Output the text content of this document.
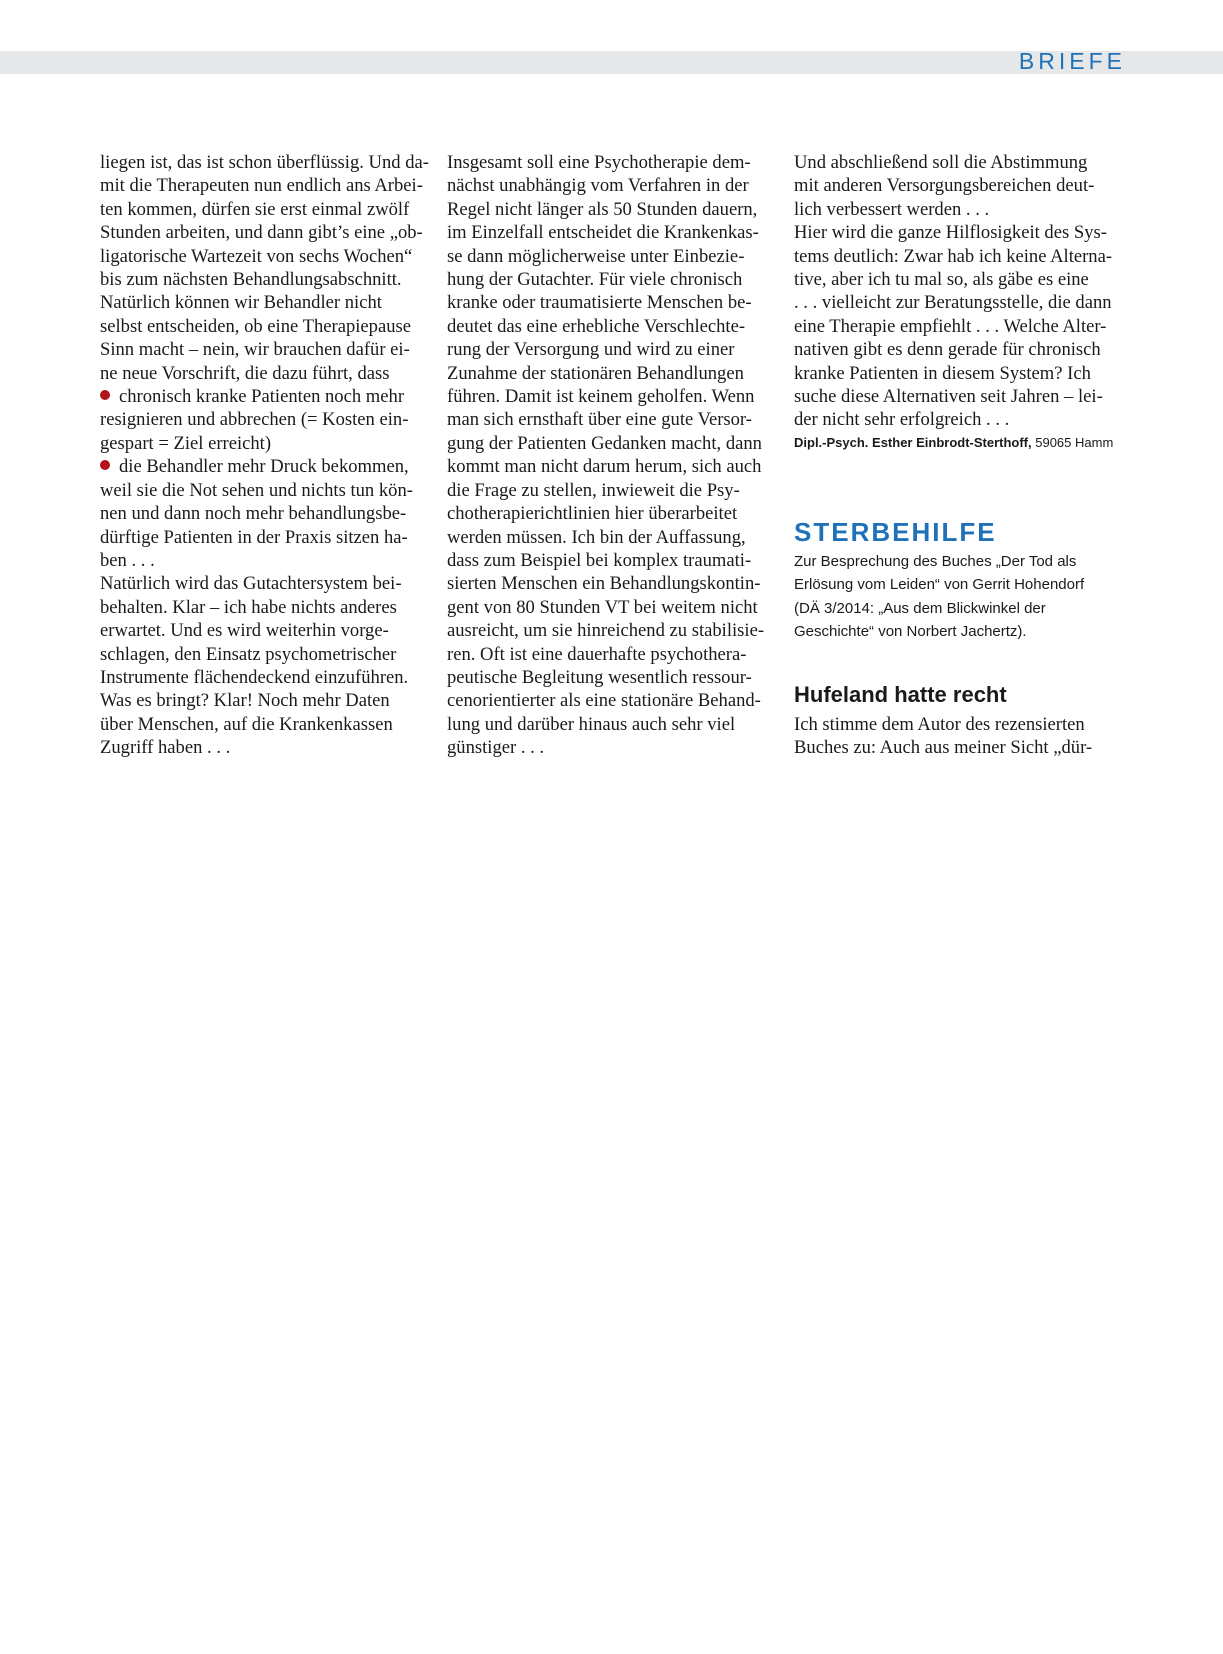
BRIEFE
liegen ist, das ist schon überflüssig. Und da-
mit die Therapeuten nun endlich ans Arbei-
ten kommen, dürfen sie erst einmal zwölf
Stunden arbeiten, und dann gibt’s eine „ob-
ligatorische Wartezeit von sechs Wochen“
bis zum nächsten Behandlungsabschnitt.
Natürlich können wir Behandler nicht
selbst entscheiden, ob eine Therapiepause
Sinn macht – nein, wir brauchen dafür ei-
ne neue Vorschrift, die dazu führt, dass
chronisch kranke Patienten noch mehr
resignieren und abbrechen (= Kosten ein-
gespart = Ziel erreicht)
die Behandler mehr Druck bekommen,
weil sie die Not sehen und nichts tun kön-
nen und dann noch mehr behandlungsbe-
dürftige Patienten in der Praxis sitzen ha-
ben . . .
Natürlich wird das Gutachtersystem bei-
behalten. Klar – ich habe nichts anderes
erwartet. Und es wird weiterhin vorge-
schlagen, den Einsatz psychometrischer
Instrumente flächendeckend einzuführen.
Was es bringt? Klar! Noch mehr Daten
über Menschen, auf die Krankenkassen
Zugriff haben . . .
Insgesamt soll eine Psychotherapie dem-
nächst unabhängig vom Verfahren in der
Regel nicht länger als 50 Stunden dauern,
im Einzelfall entscheidet die Krankenkas-
se dann möglicherweise unter Einbezie-
hung der Gutachter. Für viele chronisch
kranke oder traumatisierte Menschen be-
deutet das eine erhebliche Verschlechte-
rung der Versorgung und wird zu einer
Zunahme der stationären Behandlungen
führen. Damit ist keinem geholfen. Wenn
man sich ernsthaft über eine gute Versor-
gung der Patienten Gedanken macht, dann
kommt man nicht darum herum, sich auch
die Frage zu stellen, inwieweit die Psy-
chotherapierichtlinien hier überarbeitet
werden müssen. Ich bin der Auffassung,
dass zum Beispiel bei komplex traumati-
sierten Menschen ein Behandlungskontin-
gent von 80 Stunden VT bei weitem nicht
ausreicht, um sie hinreichend zu stabilisie-
ren. Oft ist eine dauerhafte psychothera-
peutische Begleitung wesentlich ressour-
cenorientierter als eine stationäre Behand-
lung und darüber hinaus auch sehr viel
günstiger . . .
Und abschließend soll die Abstimmung
mit anderen Versorgungsbereichen deut-
lich verbessert werden . . .
Hier wird die ganze Hilflosigkeit des Sys-
tems deutlich: Zwar hab ich keine Alterna-
tive, aber ich tu mal so, als gäbe es eine
. . . vielleicht zur Beratungsstelle, die dann
eine Therapie empfiehlt . . . Welche Alter-
nativen gibt es denn gerade für chronisch
kranke Patienten in diesem System? Ich
suche diese Alternativen seit Jahren – lei-
der nicht sehr erfolgreich . . .
Dipl.-Psych. Esther Einbrodt-Sterthoff, 59065 Hamm
STERBEHILFE
Zur Besprechung des Buches „Der Tod als
Erlösung vom Leiden“ von Gerrit Hohendorf
(DÄ 3/2014: „Aus dem Blickwinkel der
Geschichte“ von Norbert Jachertz).
Hufeland hatte recht
Ich stimme dem Autor des rezensierten
Buches zu: Auch aus meiner Sicht „dür-
